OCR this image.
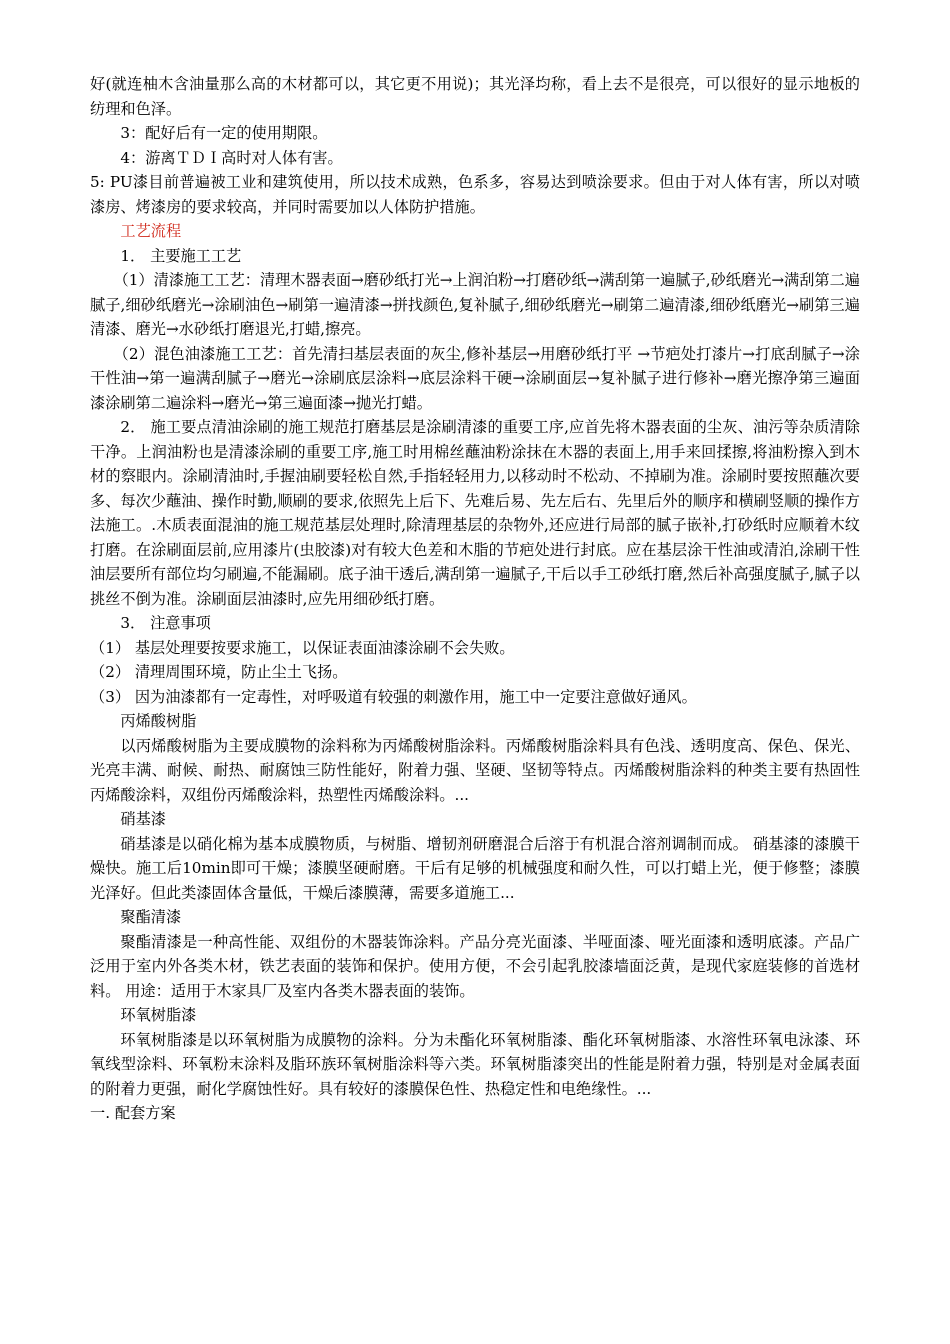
好(就连柚木含油量那么高的木材都可以，其它更不用说)；其光泽均称，看上去不是很亮，可以很好的显示地板的纺理和色泽。

3：配好后有一定的使用期限。

4：游离ＴＤＩ高时对人体有害。

5: PU漆目前普遍被工业和建筑使用，所以技术成熟，色系多，容易达到喷涂要求。但由于对人体有害，所以对喷漆房、烤漆房的要求较高，并同时需要加以人体防护措施。

工艺流程

1． 主要施工工艺

（1）清漆施工工艺：清理木器表面→磨砂纸打光→上润泊粉→打磨砂纸→满刮第一遍腻子,砂纸磨光→满刮第二遍腻子,细砂纸磨光→涂刷油色→刷第一遍清漆→拼找颜色,复补腻子,细砂纸磨光→刷第二遍清漆,细砂纸磨光→刷第三遍清漆、磨光→水砂纸打磨退光,打蜡,擦亮。

（2）混色油漆施工工艺：首先清扫基层表面的灰尘,修补基层→用磨砂纸打平 →节疤处打漆片→打底刮腻子→涂干性油→第一遍满刮腻子→磨光→涂刷底层涂料→底层涂料干硬→涂刷面层→复补腻子进行修补→磨光擦净第三遍面漆涂刷第二遍涂料→磨光→第三遍面漆→抛光打蜡。

2． 施工要点清油涂刷的施工规范打磨基层是涂刷清漆的重要工序,应首先将木器表面的尘灰、油污等杂质清除干净。上润油粉也是清漆涂刷的重要工序,施工时用棉丝蘸油粉涂抹在木器的表面上,用手来回揉擦,将油粉擦入到木材的察眼内。涂刷清油时,手握油刷要轻松自然,手指轻轻用力,以移动时不松动、不掉刷为准。涂刷时要按照蘸次要多、每次少蘸油、操作时勤,顺刷的要求,依照先上后下、先难后易、先左后右、先里后外的顺序和横刷竖顺的操作方法施工。.木质表面混油的施工规范基层处理时,除清理基层的杂物外,还应进行局部的腻子嵌补,打砂纸时应顺着木纹打磨。在涂刷面层前,应用漆片(虫胶漆)对有较大色差和木脂的节疤处进行封底。应在基层涂干性油或清泊,涂刷干性油层要所有部位均匀刷遍,不能漏刷。底子油干透后,满刮第一遍腻子,干后以手工砂纸打磨,然后补高强度腻子,腻子以挑丝不倒为准。涂刷面层油漆时,应先用细砂纸打磨。

3． 注意事项

（1） 基层处理要按要求施工，以保证表面油漆涂刷不会失败。

（2） 清理周围环境，防止尘土飞扬。

（3） 因为油漆都有一定毒性，对呼吸道有较强的刺激作用，施工中一定要注意做好通风。

丙烯酸树脂

以丙烯酸树脂为主要成膜物的涂料称为丙烯酸树脂涂料。丙烯酸树脂涂料具有色浅、透明度高、保色、保光、光亮丰满、耐候、耐热、耐腐蚀三防性能好，附着力强、坚硬、坚韧等特点。丙烯酸树脂涂料的种类主要有热固性丙烯酸涂料，双组份丙烯酸涂料，热塑性丙烯酸涂料。...

硝基漆

硝基漆是以硝化棉为基本成膜物质，与树脂、增韧剂研磨混合后溶于有机混合溶剂调制而成。 硝基漆的漆膜干燥快。施工后10min即可干燥；漆膜坚硬耐磨。干后有足够的机械强度和耐久性，可以打蜡上光，便于修整；漆膜光泽好。但此类漆固体含量低，干燥后漆膜薄，需要多道施工...

聚酯清漆

聚酯清漆是一种高性能、双组份的木器装饰涂料。产品分亮光面漆、半哑面漆、哑光面漆和透明底漆。产品广泛用于室内外各类木材，铁艺表面的装饰和保护。使用方便，不会引起乳胶漆墙面泛黄，是现代家庭装修的首选材料。 用途：适用于木家具厂及室内各类木器表面的装饰。

环氧树脂漆

环氧树脂漆是以环氧树脂为成膜物的涂料。分为未酯化环氧树脂漆、酯化环氧树脂漆、水溶性环氧电泳漆、环氧线型涂料、环氧粉末涂料及脂环族环氧树脂涂料等六类。环氧树脂漆突出的性能是附着力强，特别是对金属表面的附着力更强，耐化学腐蚀性好。具有较好的漆膜保色性、热稳定性和电绝缘性。...

一. 配套方案
